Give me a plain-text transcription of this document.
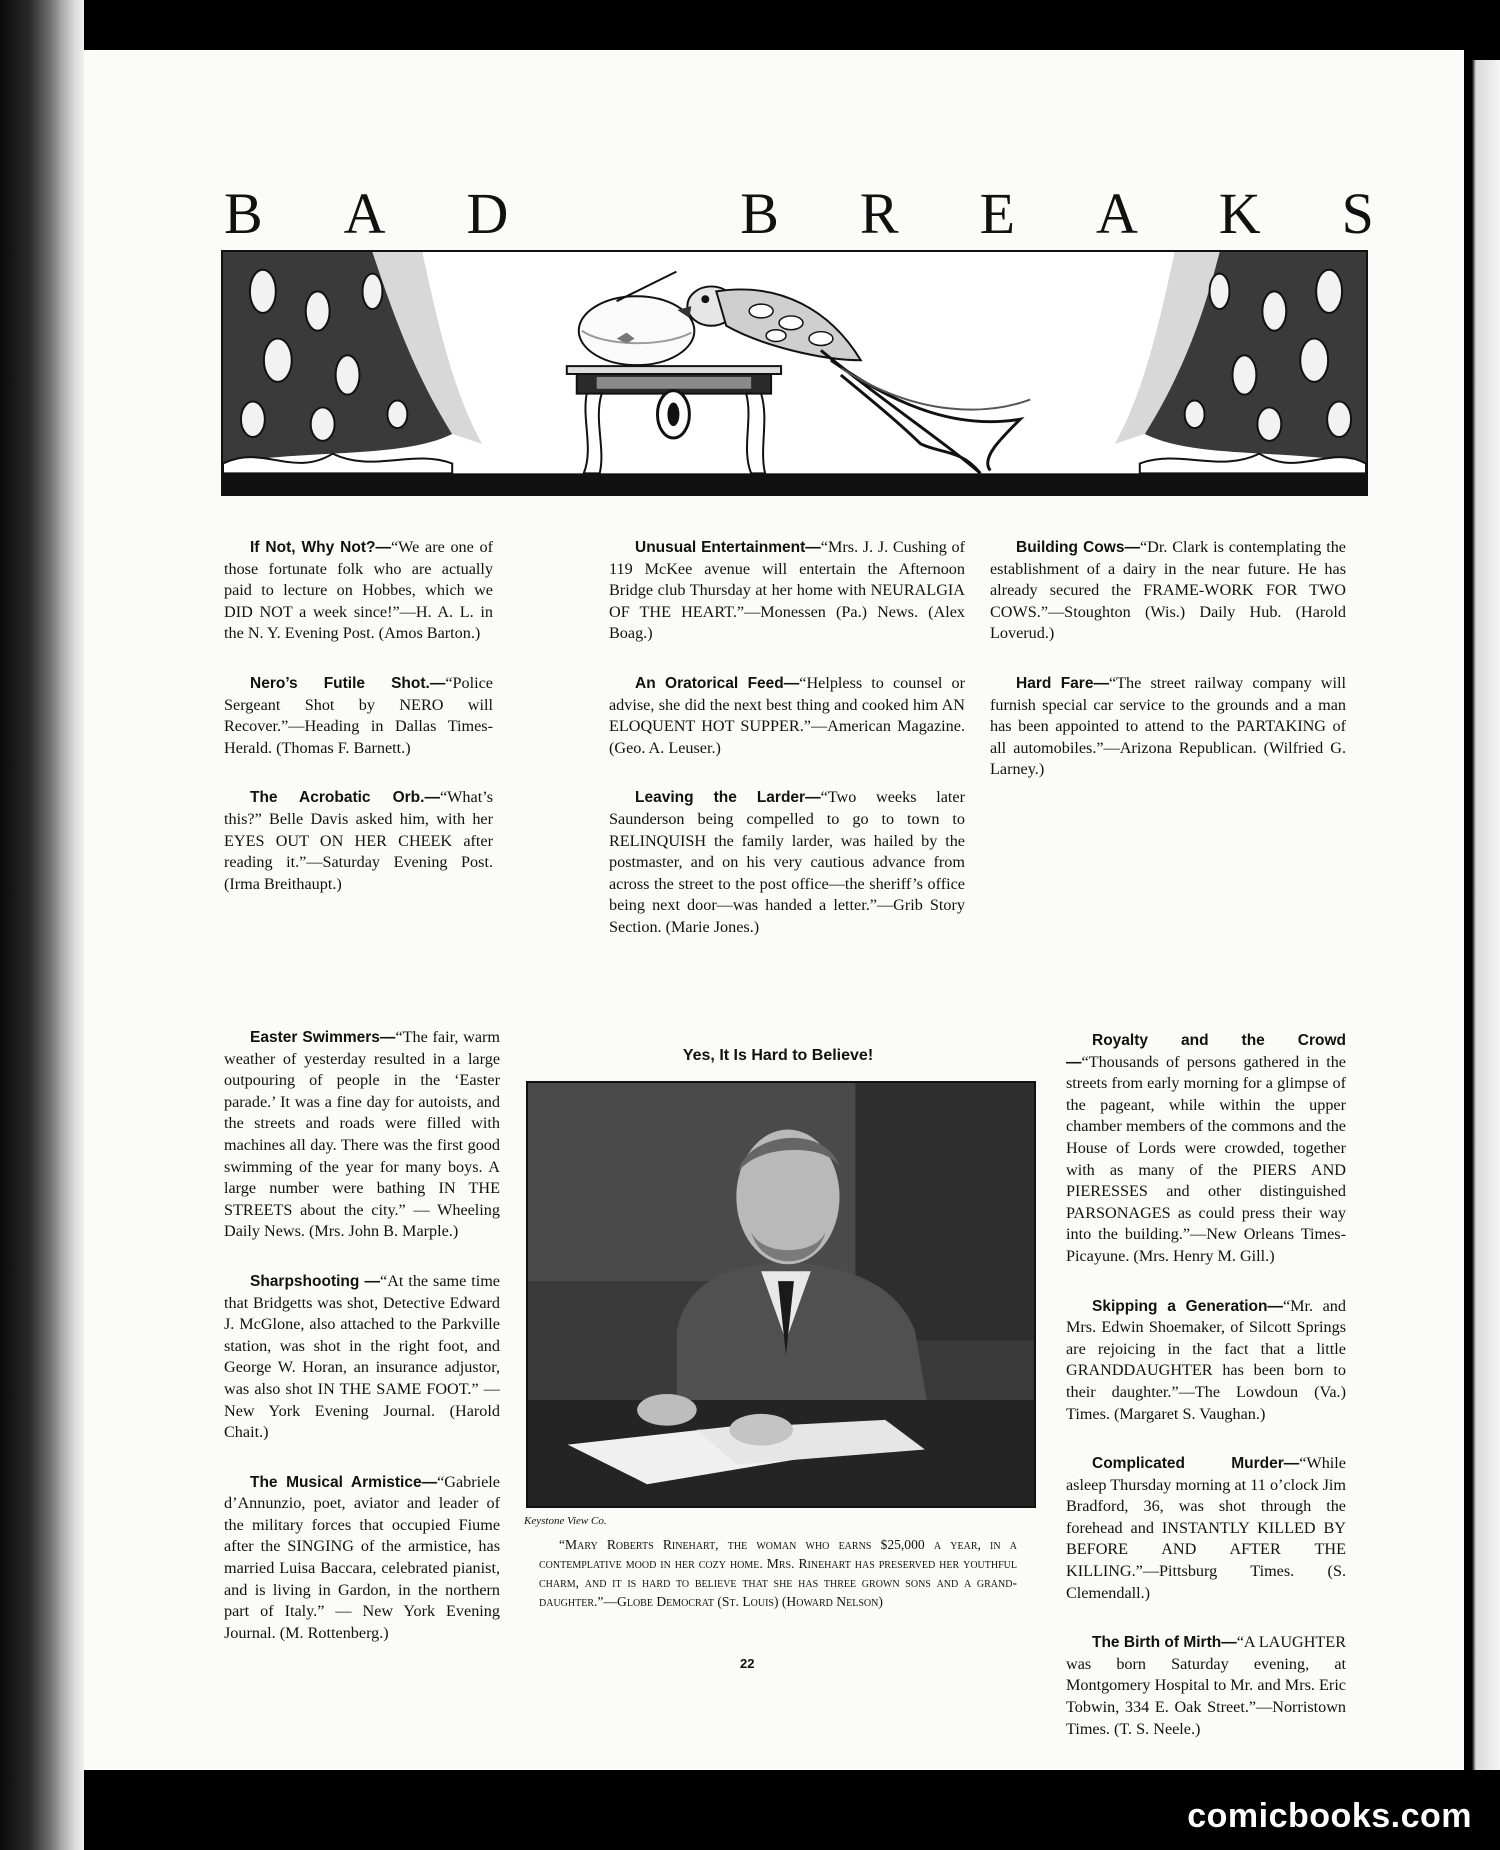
B A D	B R E A K S

If Not, Why Not?—“We are one of those fortunate folk who are actually paid to lecture on Hobbes, which we DID NOT a week since!”—H. A. L. in the N. Y. Evening Post. (Amos Barton.)

Nero’s Futile Shot.—“Police Sergeant Shot by NERO will Recover.”—Heading in Dallas Times-Herald. (Thomas F. Barnett.)

The Acrobatic Orb.—“What’s this?” Belle Davis asked him, with her EYES OUT ON HER CHEEK after reading it.”—Saturday Evening Post. (Irma Breithaupt.)

Easter Swimmers—“The fair, warm weather of yesterday resulted in a large outpouring of people in the ‘Easter parade.’ It was a fine day for autoists, and the streets and roads were filled with machines all day. There was the first good swimming of the year for many boys. A large number were bathing IN THE STREETS about the city.” — Wheeling Daily News. (Mrs. John B. Marple.)

Sharpshooting —“At the same time that Bridgetts was shot, Detective Edward J. McGlone, also attached to the Parkville station, was shot in the right foot, and George W. Horan, an insurance adjustor, was also shot IN THE SAME FOOT.” — New York Evening Journal. (Harold Chait.)

The Musical Armistice—“Gabriele d’Annunzio, poet, aviator and leader of the military forces that occupied Fiume after the SINGING of the armistice, has married Luisa Baccara, celebrated pianist, and is living in Gardon, in the northern part of Italy.” — New York Evening Journal. (M. Rottenberg.)

Unusual Entertainment—“Mrs. J. J. Cushing of 119 McKee avenue will entertain the Afternoon Bridge club Thursday at her home with NEURALGIA OF THE HEART.”—Monessen (Pa.) News. (Alex Boag.)

An Oratorical Feed—“Helpless to counsel or advise, she did the next best thing and cooked him AN ELOQUENT HOT SUPPER.”—American Magazine. (Geo. A. Leuser.)

Leaving the Larder—“Two weeks later Saunderson being compelled to go to town to RELINQUISH the family larder, was hailed by the postmaster, and on his very cautious advance from across the street to the post office—the sheriff’s office being next door—was handed a letter.”—Grib Story Section. (Marie Jones.)

Building Cows—“Dr. Clark is contemplating the establishment of a dairy in the near future. He has already secured the FRAME-WORK FOR TWO COWS.”—Stoughton (Wis.) Daily Hub. (Harold Loverud.)

Hard Fare—“The street railway company will furnish special car service to the grounds and a man has been appointed to attend to the PARTAKING of all automobiles.”—Arizona Republican. (Wilfried G. Larney.)

Royalty and the Crowd—“Thousands of persons gathered in the streets from early morning for a glimpse of the pageant, while within the upper chamber members of the commons and the House of Lords were crowded, together with as many of the PIERS AND PIERESSES and other distinguished PARSONAGES as could press their way into the building.”—New Orleans Times-Picayune. (Mrs. Henry M. Gill.)

Skipping a Generation—“Mr. and Mrs. Edwin Shoemaker, of Silcott Springs are rejoicing in the fact that a little GRANDDAUGHTER has been born to their daughter.”—The Lowdoun (Va.) Times. (Margaret S. Vaughan.)

Complicated Murder—“While asleep Thursday morning at 11 o’clock Jim Bradford, 36, was shot through the forehead and INSTANTLY KILLED BY BEFORE AND AFTER THE KILLING.”—Pittsburg Times. (S. Clemendall.)

The Birth of Mirth—“A LAUGHTER was born Saturday evening, at Montgomery Hospital to Mr. and Mrs. Eric Tobwin, 334 E. Oak Street.”—Norristown Times. (T. S. Neele.)

Yes, It Is Hard to Believe!
Keystone View Co.
“Mary Roberts Rinehart, the woman who earns $25,000 a year, in a contemplative mood in her cozy home. Mrs. Rinehart has preserved her youthful charm, and it is hard to believe that she has three grown sons and a grand-daughter.”—Globe Democrat (St. Louis) (Howard Nelson)
22
comicbooks.com
